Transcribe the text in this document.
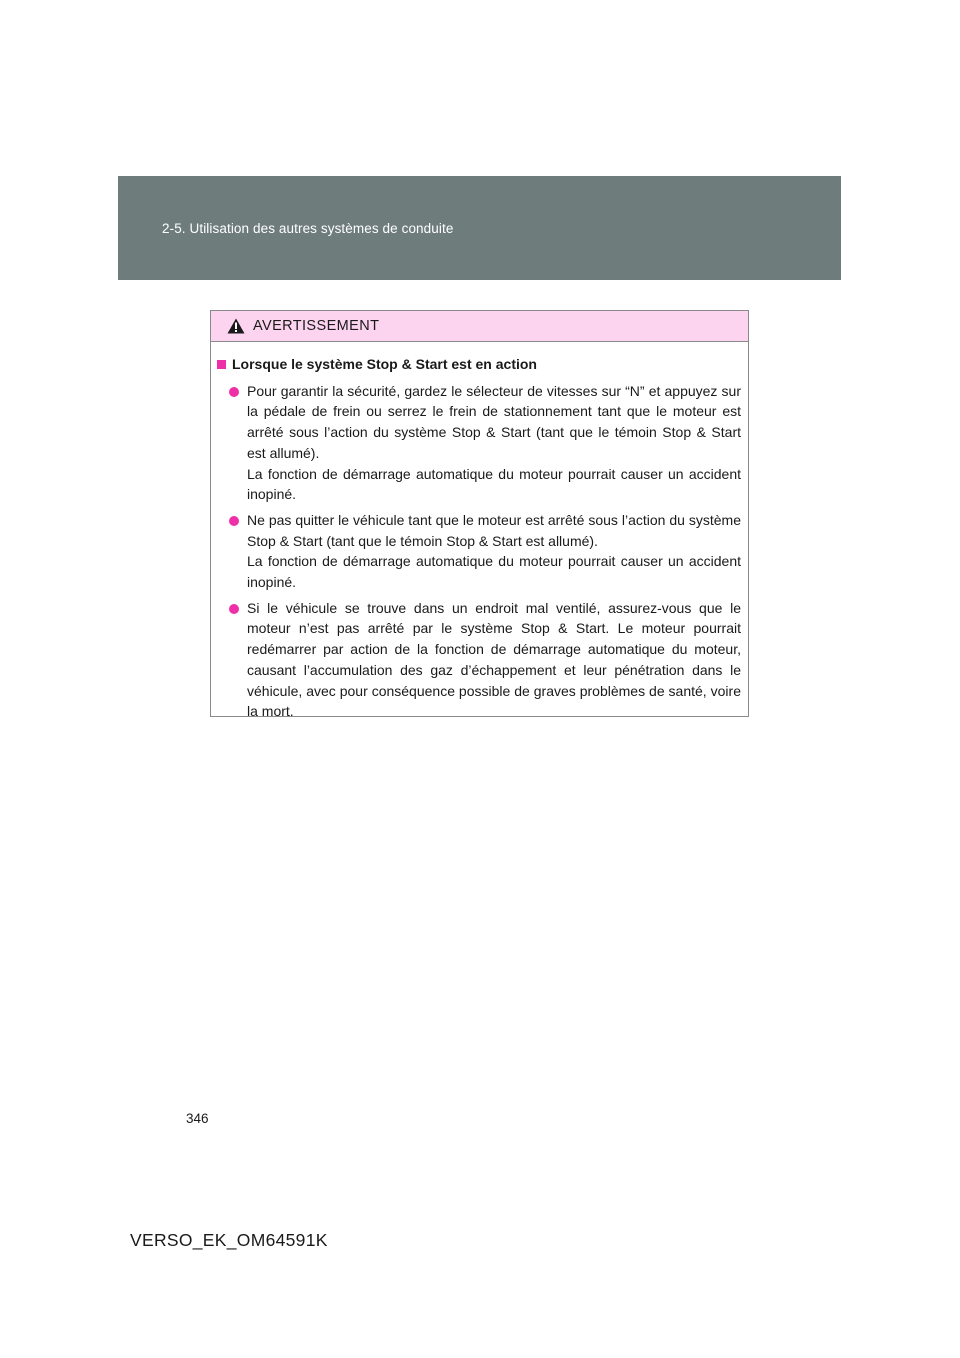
2-5. Utilisation des autres systèmes de conduite
AVERTISSEMENT
Lorsque le système Stop & Start est en action

Pour garantir la sécurité, gardez le sélecteur de vitesses sur “N” et appuyez sur la pédale de frein ou serrez le frein de stationnement tant que le moteur est arrêté sous l’action du système Stop & Start (tant que le témoin Stop & Start est allumé).

La fonction de démarrage automatique du moteur pourrait causer un accident inopiné.

Ne pas quitter le véhicule tant que le moteur est arrêté sous l’action du système Stop & Start (tant que le témoin Stop & Start est allumé).

La fonction de démarrage automatique du moteur pourrait causer un accident inopiné.

Si le véhicule se trouve dans un endroit mal ventilé, assurez-vous que le moteur n’est pas arrêté par le système Stop & Start. Le moteur pourrait redémarrer par action de la fonction de démarrage automatique du moteur, causant l’accumulation des gaz d’échappement et leur pénétration dans le véhicule, avec pour conséquence possible de graves problèmes de santé, voire la mort.

346
VERSO_EK_OM64591K
